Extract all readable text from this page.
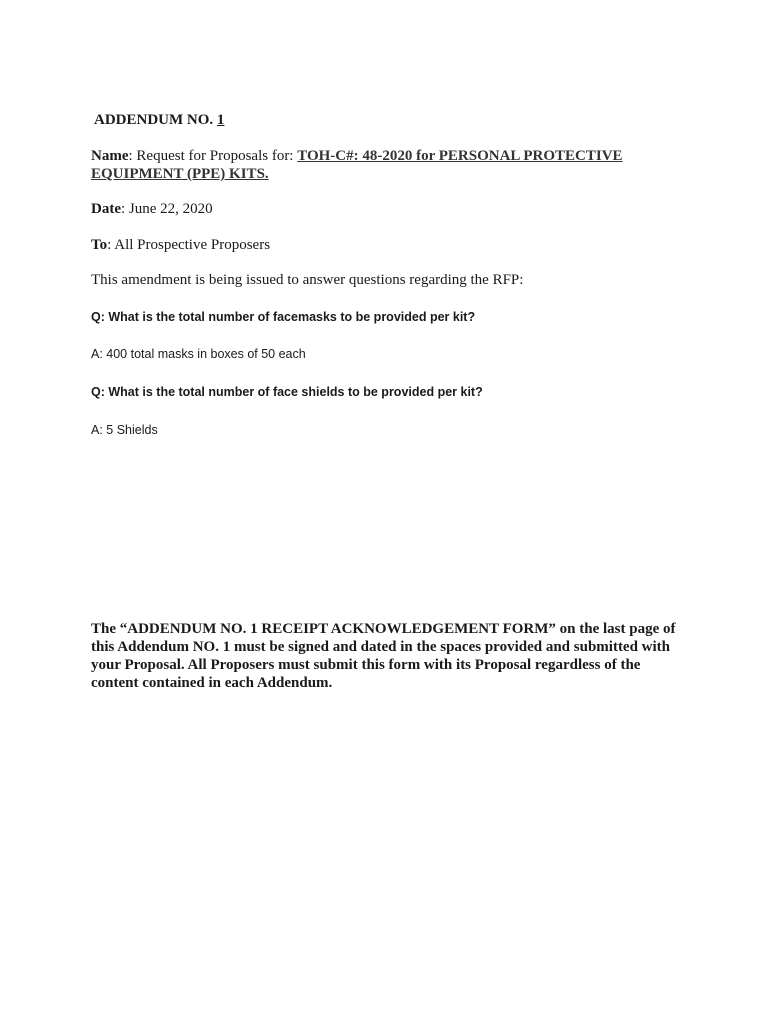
ADDENDUM NO. 1

Name: Request for Proposals for: TOH-C#: 48-2020 for PERSONAL PROTECTIVE EQUIPMENT (PPE) KITS.

Date: June 22, 2020

To: All Prospective Proposers

This amendment is being issued to answer questions regarding the RFP:

Q: What is the total number of facemasks to be provided per kit?

A: 400 total masks in boxes of 50 each

Q: What is the total number of face shields to be provided per kit?

A: 5 Shields

The “ADDENDUM NO. 1 RECEIPT ACKNOWLEDGEMENT FORM” on the last page of this Addendum NO. 1 must be signed and dated in the spaces provided and submitted with your Proposal. All Proposers must submit this form with its Proposal regardless of the content contained in each Addendum.
